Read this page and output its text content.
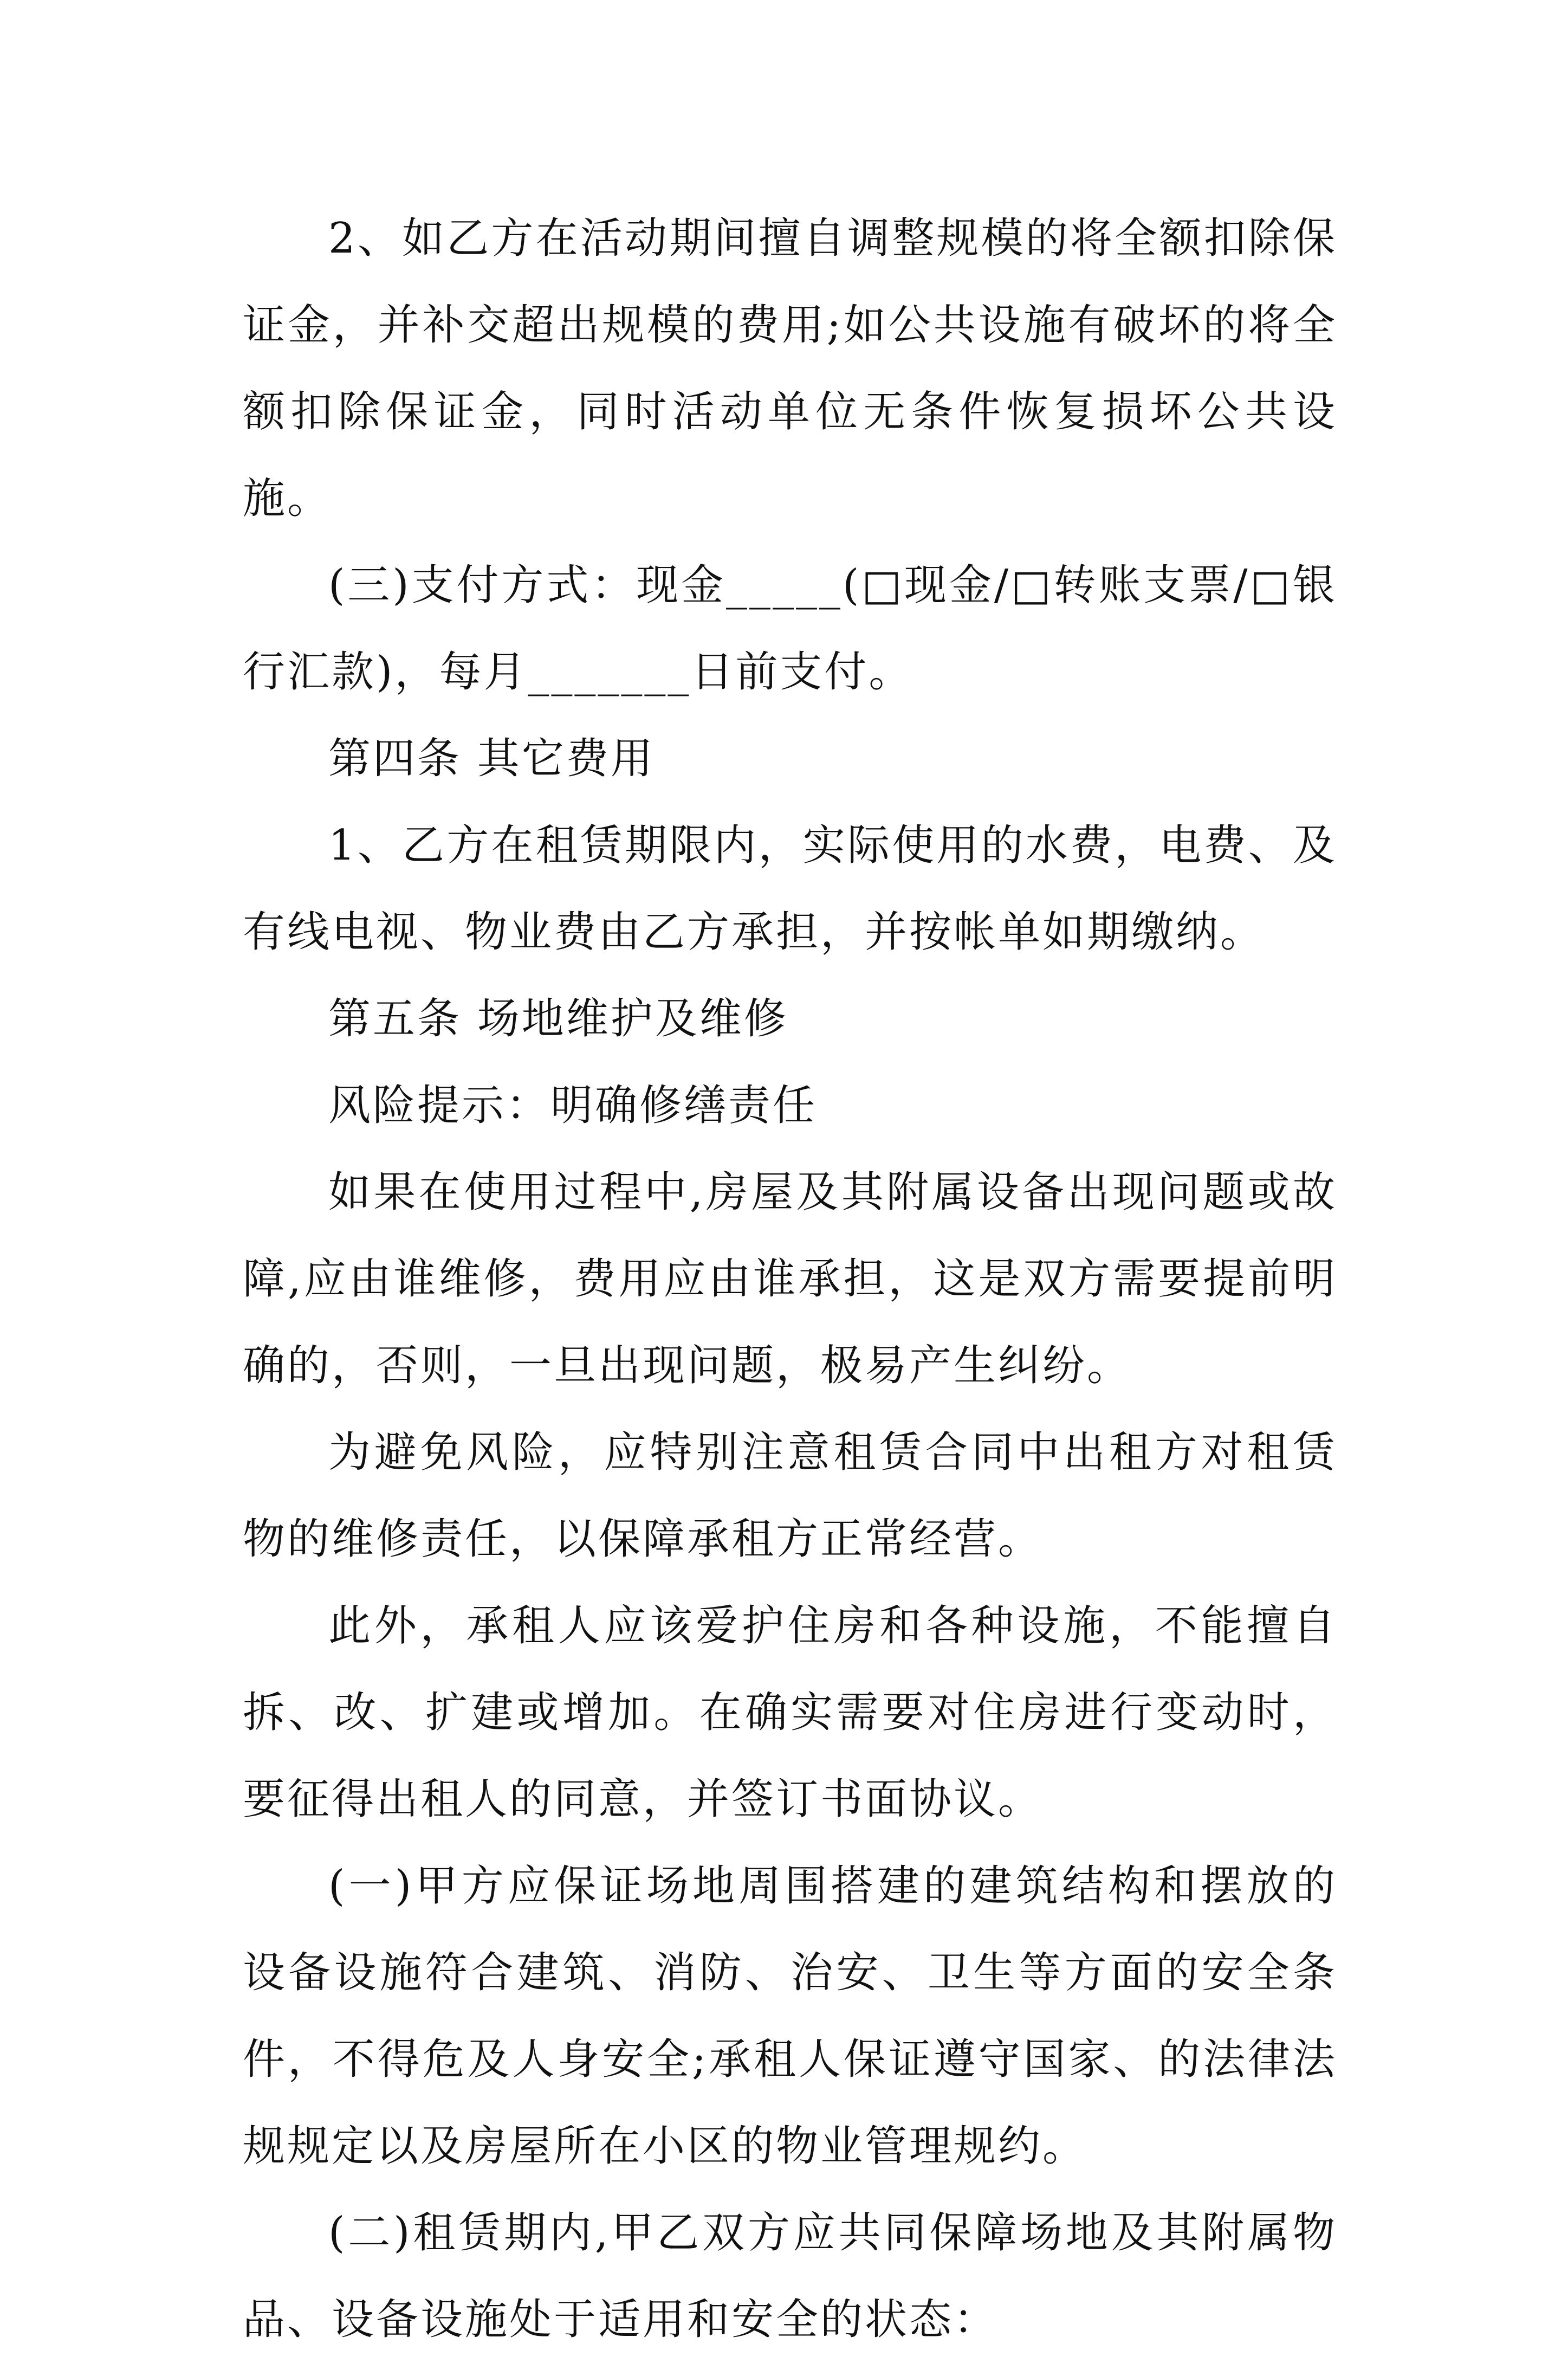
2、如乙方在活动期间擅自调整规模的将全额扣除保证金，并补交超出规模的费用;如公共设施有破坏的将全额扣除保证金，同时活动单位无条件恢复损坏公共设施。

(三)支付方式：现金_____(□现金/□转账支票/□银行汇款)，每月_______日前支付。

第四条 其它费用

1、乙方在租赁期限内，实际使用的水费，电费、及有线电视、物业费由乙方承担，并按帐单如期缴纳。

第五条 场地维护及维修

风险提示：明确修缮责任

如果在使用过程中,房屋及其附属设备出现问题或故障,应由谁维修，费用应由谁承担，这是双方需要提前明确的，否则，一旦出现问题，极易产生纠纷。

为避免风险，应特别注意租赁合同中出租方对租赁物的维修责任，以保障承租方正常经营。

此外，承租人应该爱护住房和各种设施，不能擅自拆、改、扩建或增加。在确实需要对住房进行变动时，要征得出租人的同意，并签订书面协议。

(一)甲方应保证场地周围搭建的建筑结构和摆放的设备设施符合建筑、消防、治安、卫生等方面的安全条件，不得危及人身安全;承租人保证遵守国家、的法律法规规定以及房屋所在小区的物业管理规约。

(二)租赁期内,甲乙双方应共同保障场地及其附属物品、设备设施处于适用和安全的状态：
